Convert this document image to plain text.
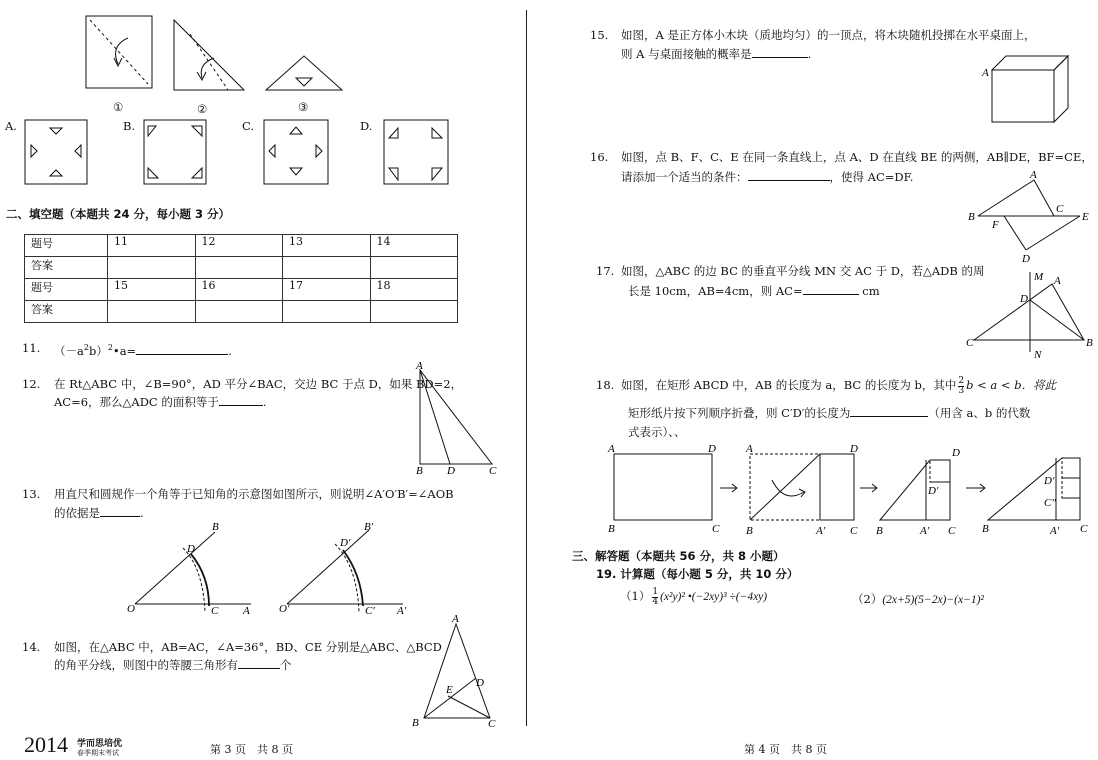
①	②	③
A.	B.	C.	D.
二、填空题（本题共 24 分，每小题 3 分）
题号	11	12	13	14
答案				
题号	15	16	17	18
答案				
11. $(-a^2b)^2•a=$	.
12. 在 Rt△ABC 中，∠B=90°，AD 平分∠BAC，交边 BC 于点 D，如果 BD=2，
AC=6，那么△ADC 的面积等于	.
A
B D	C
13. 用直尺和圆规作一个角等于已知角的示意图如图所示，则说明∠A′O′B′=∠AOB
的依据是	.
B
D
O	C A
B′
D′
O′	C′ A′
14. 如图，在△ABC 中，AB=AC，∠A=36°，BD、CE 分别是△ABC、△BCD
的角平分线，则图中的等腰三角形有	个
A
E
D
B	C
2014 学而思培优
春季期末考试	第 3 页　共 8 页
15. 如图，A 是正方体小木块（质地均匀）的一顶点，将木块随机投掷在水平桌面上，
则 A 与桌面接触的概率是	.
A
16. 如图，点 B、F、C、E 在同一条直线上，点 A、D 在直线 BE 的两侧，AB∥DE，BF=CE，
请添加一个适当的条件：	，使得 AC=DF.	A
B
F
C
E
D
17. 如图，△ABC 的边 BC 的垂直平分线 MN 交 AC 于 D，若△ADB 的周
长是 10cm，AB=4cm，则 AC=	cm
M A
D
C	B
N
18. 如图，在矩形 ABCD 中，AB 的长度为 a，BC 的长度为 b，其中 $\frac{2}{3}$ b < a < b．将此
矩形纸片按下列顺序折叠，则 C′D′的长度为	（用含 a、b 的代数
式表示）、、
A	D
B	C
A	D
B	A′ C
D
D′
B	A′ C
D′
C″
B	A′ C
三、解答题（本题共 56 分，共 8 小题）
19. 计算题（每小题 5 分，共 10 分）
$(1) \frac{1}{4} (x^2y)^2$ •(−2xy)³ ÷(−4xy)	（2）(2x+5)(5−2x)−(x−1)²
第 4 页　共 8 页
